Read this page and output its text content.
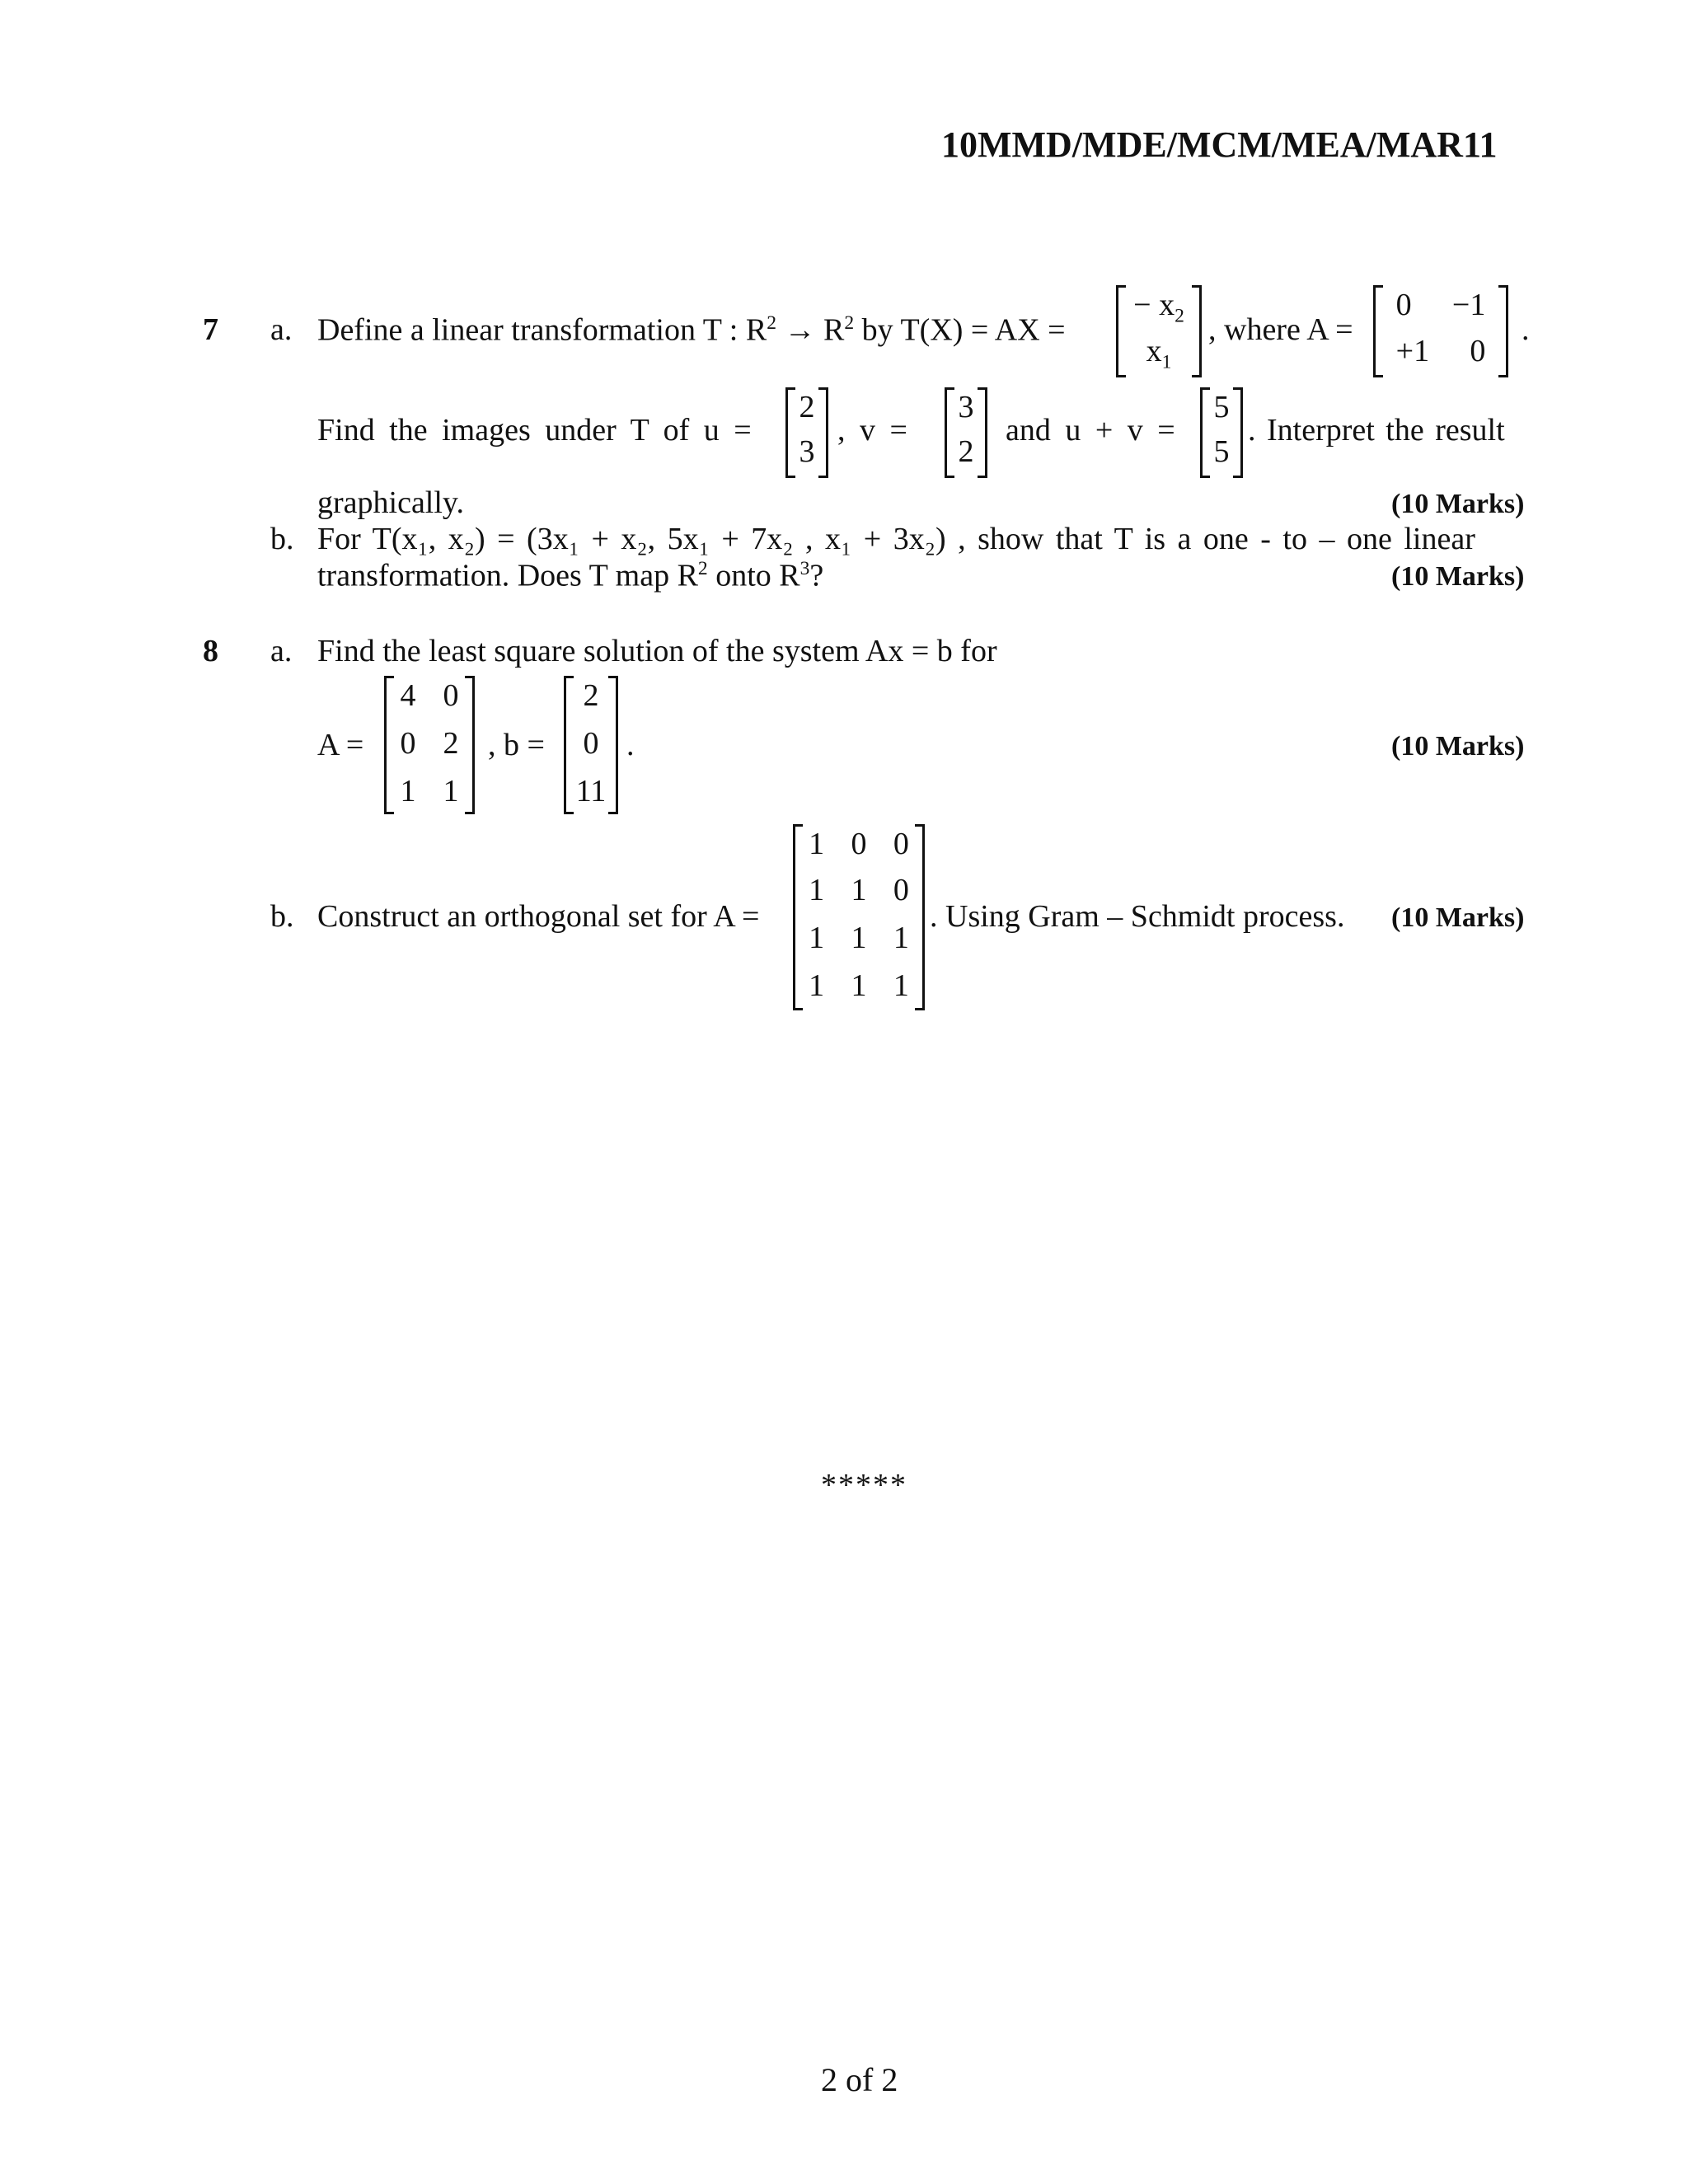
10MMD/MDE/MCM/MEA/MAR11
7 a. Define a linear transformation T : $R^2 \to R^2$ by T(X) = AX =
− $x_2$
$x_1$
, where A =
0 −1
+1 0
.
Find the images under T of u =
2
3
, v =
3
2
and u + v =
5
5
. Interpret the result
graphically.	(10 Marks)
b. For T(x₁, x₂) = (3x₁ + x₂, 5x₁ + 7x₂ , x₁ + 3x₂) , show that T is a one - to – one linear
transformation. Does T map $R^2$ onto $R^3$?	(10 Marks)
8 a. Find the least square solution of the system Ax = b for
A =
4 0
0 2
1 1
, b =
2
0
11
.	(10 Marks)
b. Construct an orthogonal set for A =
1 0 0
1 1 0
1 1 1
1 1 1
. Using Gram – Schmidt process. (10 Marks)
*****
2 of 2
